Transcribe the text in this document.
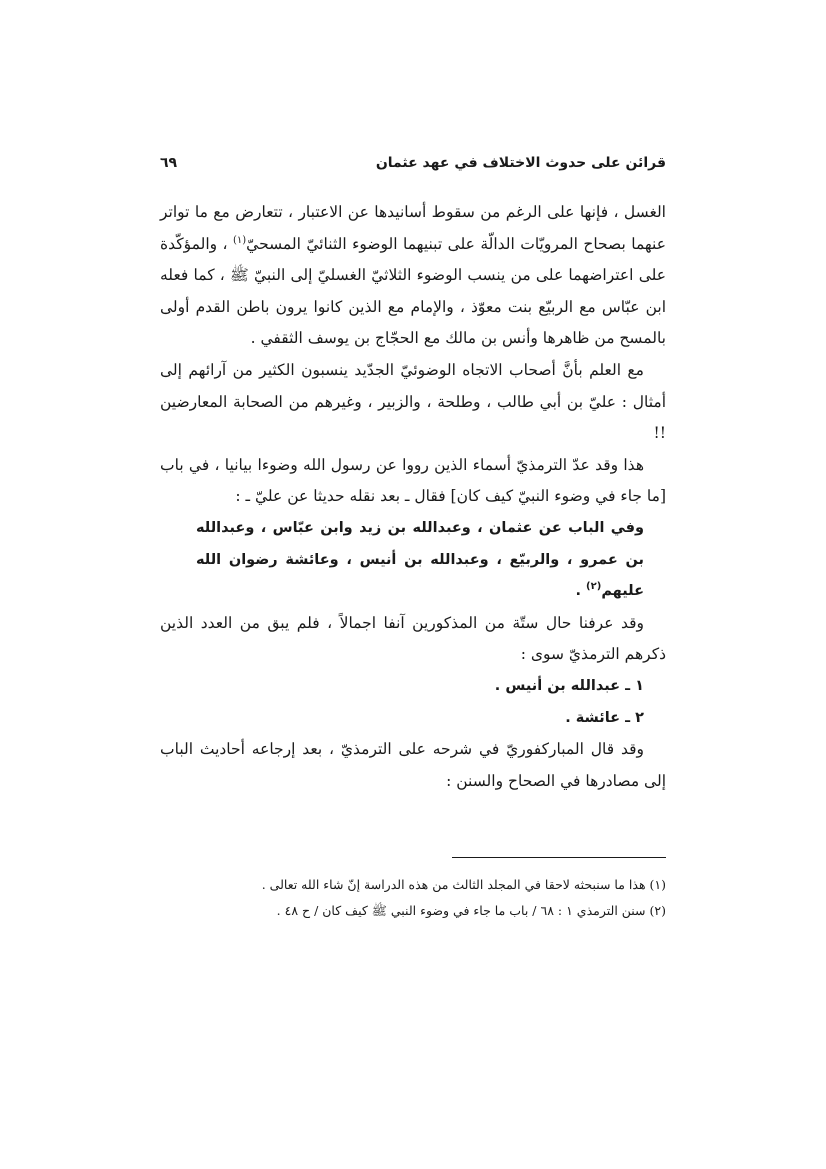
قرائن على حدوث الاختلاف في عهد عثمان
٦٩

الغسل ، فإنها على الرغم من سقوط أسانيدها عن الاعتبار ، تتعارض مع ما تواتر عنهما بصحاح المرويّات الدالّة على تبنيهما الوضوء الثنائيّ المسحيّ$^{(١)}$ ، والمؤكّدة على اعتراضهما على من ينسب الوضوء الثلاثيّ الغسليّ إلى النبيّ ﷺ ، كما فعله ابن عبّاس مع الربيّع بنت معوّذ ، والإمام مع الذين كانوا يرون باطن القدم أولى بالمسح من ظاهرها وأنس بن مالك مع الحجّاج بن يوسف الثقفي .

مع العلم بأنَّ أصحاب الاتجاه الوضوئيّ الجدّيد ينسبون الكثير من آرائهم إلى أمثال : عليّ بن أبي طالب ، وطلحة ، والزبير ، وغيرهم من الصحابة المعارضين !!

هذا وقد عدّ الترمذيّ أسماء الذين رووا عن رسول الله وضوءا بيانيا ، في باب [ما جاء في وضوء النبيّ كيف كان] فقال ـ بعد نقله حديثا عن عليّ ـ :

وفي الباب عن عثمان ، وعبدالله بن زيد وابن عبّاس ، وعبدالله بن عمرو ، والربيّع ، وعبدالله بن أنيس ، وعائشة رضوان الله عليهم$^{(٢)}$ .

وقد عرفنا حال ستّة من المذكورين آنفا اجمالاً ، فلم يبق من العدد الذين ذكرهم الترمذيّ سوى :

١ ـ عبدالله بن أنيس .

٢ ـ عائشة .

وقد قال المباركفوريّ في شرحه على الترمذيّ ، بعد إرجاعه أحاديث الباب إلى مصادرها في الصحاح والسنن :

(١) هذا ما سنبحثه لاحقا في المجلد الثالث من هذه الدراسة إنّ شاء الله تعالى .

(٢) سنن الترمذي ١ : ٦٨ / باب ما جاء في وضوء النبي ﷺ كيف كان / ح ٤٨ .
